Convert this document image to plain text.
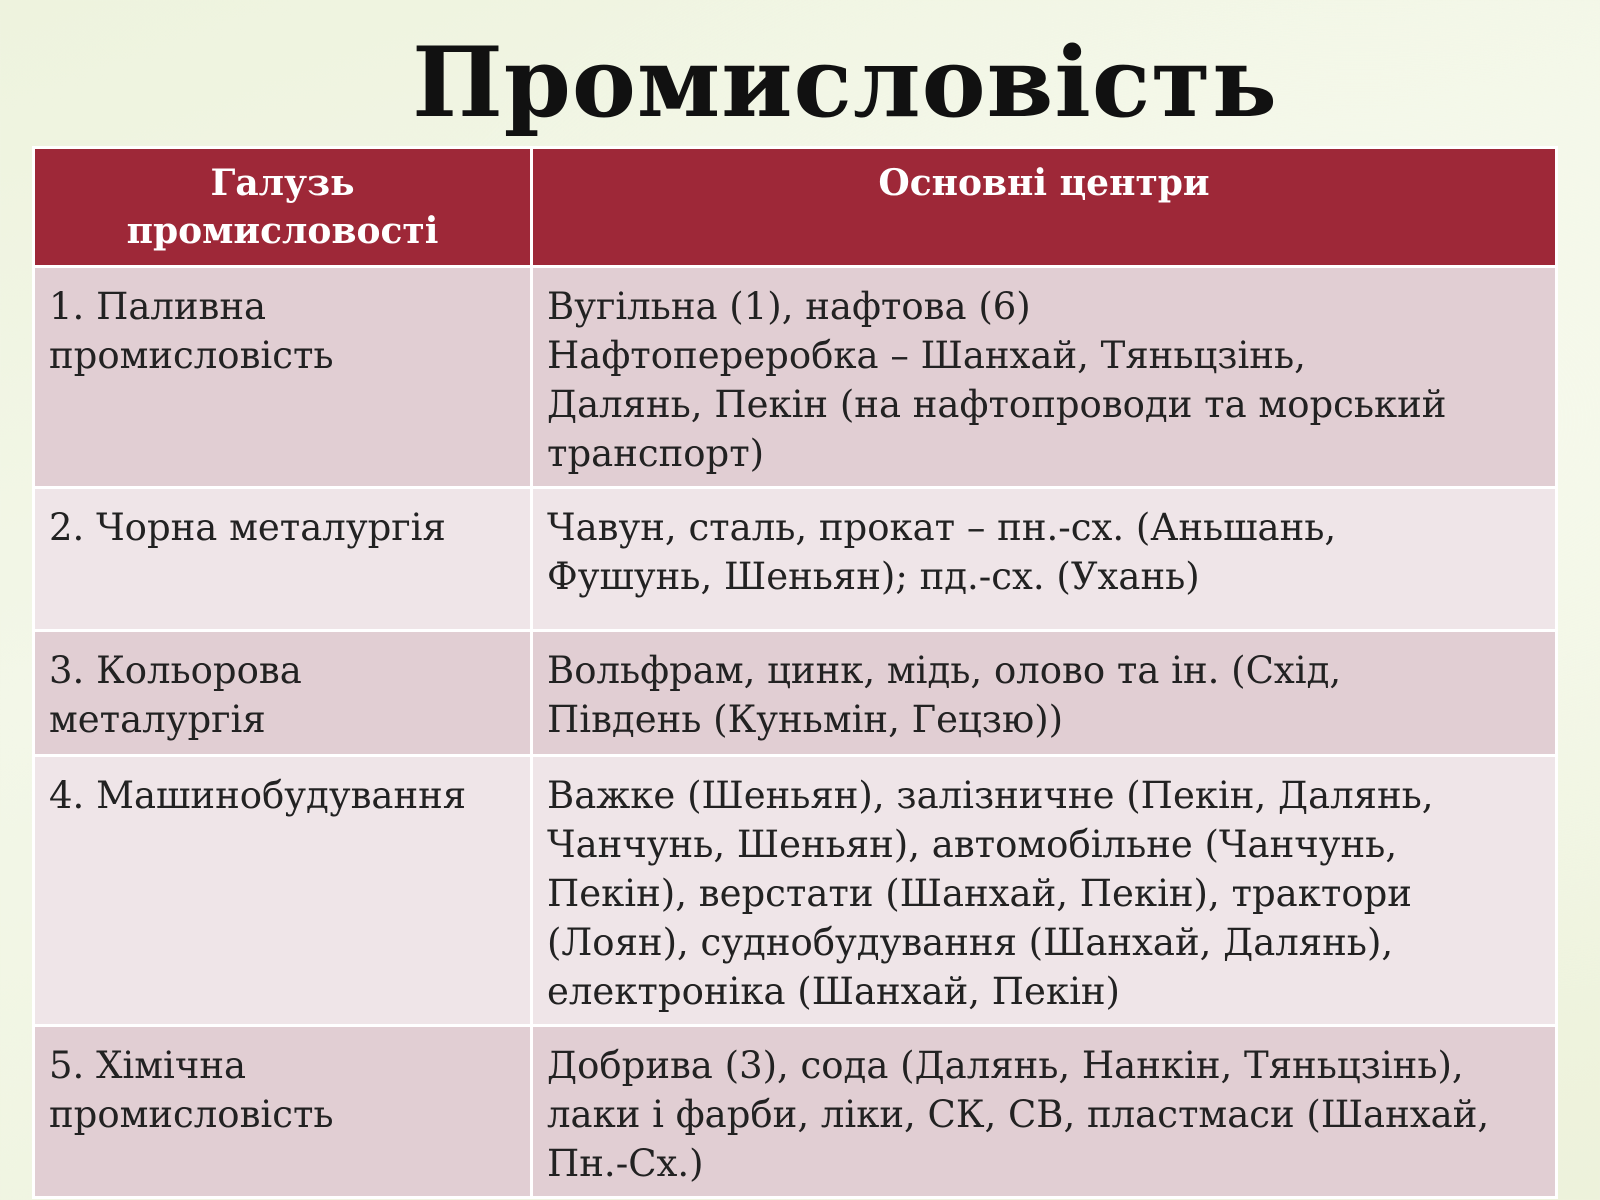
Промисловість
Галузь
промисловості	Основні центри

1. Паливна
промисловість	Вугільна (1), нафтова (6)
Нафтопереробка – Шанхай, Тяньцзінь,
Далянь, Пекін (на нафтопроводи та морський
транспорт)

2. Чорна металургія	Чавун, сталь, прокат – пн.-сх. (Аньшань,
Фушунь, Шеньян); пд.-сх. (Ухань)

3. Кольорова
металургія	Вольфрам, цинк, мідь, олово та ін. (Схід,
Південь (Куньмін, Гецзю))

4. Машинобудування	Важке (Шеньян), залізничне (Пекін, Далянь,
Чанчунь, Шеньян), автомобільне (Чанчунь,
Пекін), верстати (Шанхай, Пекін), трактори
(Лоян), суднобудування (Шанхай, Далянь),
електроніка (Шанхай, Пекін)

5. Хімічна
промисловість	Добрива (3), сода (Далянь, Нанкін, Тяньцзінь),
лаки і фарби, ліки, СК, СВ, пластмаси (Шанхай,
Пн.-Сх.)
